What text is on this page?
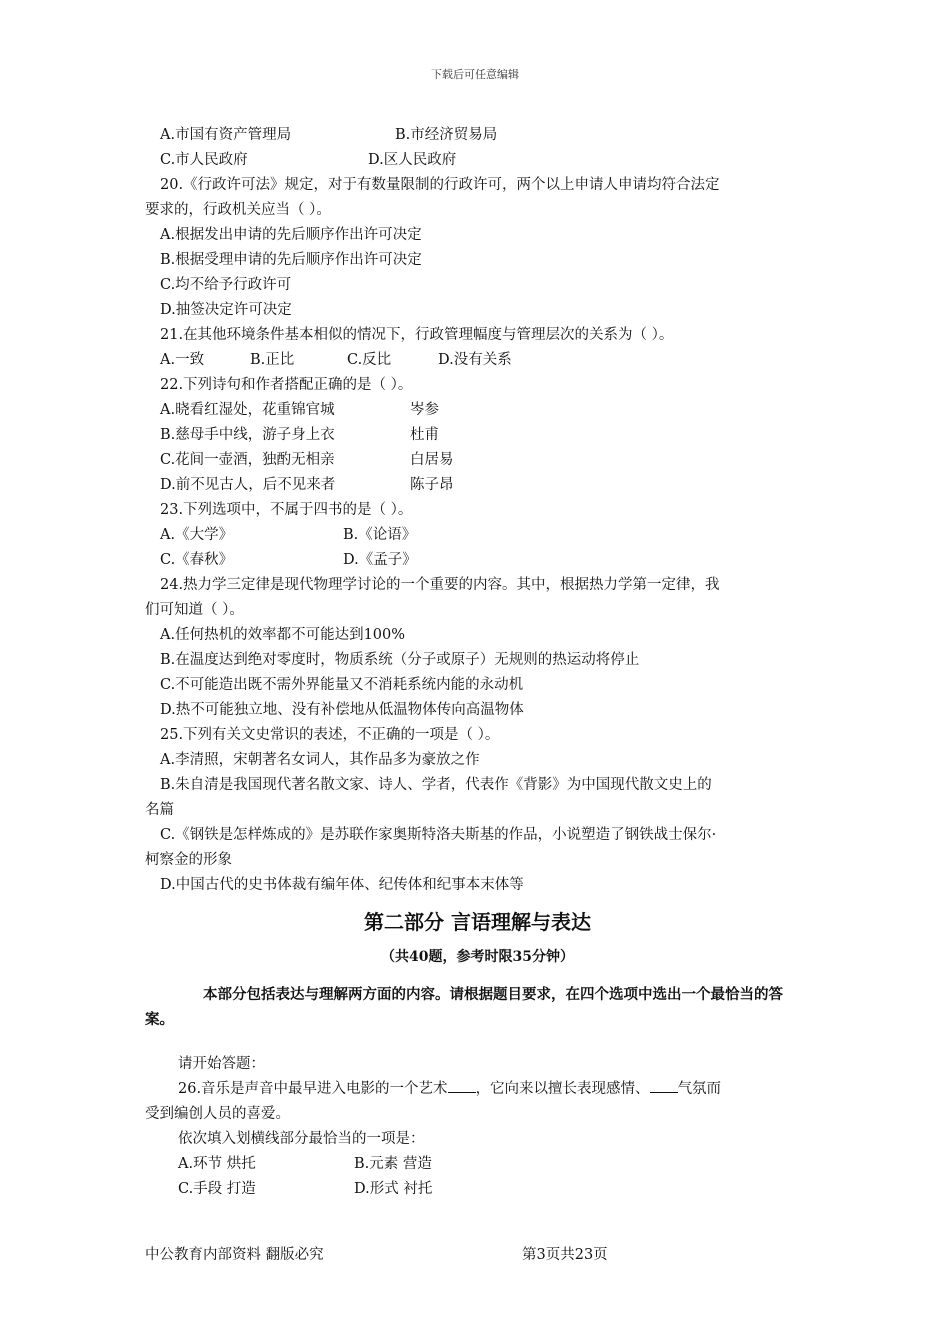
下载后可任意编辑
A.市国有资产管理局	B.市经济贸易局
C.市人民政府	D.区人民政府
20.《行政许可法》规定，对于有数量限制的行政许可，两个以上申请人申请均符合法定
要求的，行政机关应当（ ）。
A.根据发出申请的先后顺序作出许可决定
B.根据受理申请的先后顺序作出许可决定
C.均不给予行政许可
D.抽签决定许可决定
21.在其他环境条件基本相似的情况下，行政管理幅度与管理层次的关系为（ ）。
A.一致	B.正比	C.反比	D.没有关系
22.下列诗句和作者搭配正确的是（ ）。
A.晓看红湿处，花重锦官城	岑参
B.慈母手中线，游子身上衣	杜甫
C.花间一壶酒，独酌无相亲	白居易
D.前不见古人，后不见来者	陈子昂
23.下列选项中，不属于四书的是（ ）。
A.《大学》	B.《论语》
C.《春秋》	D.《孟子》
24.热力学三定律是现代物理学讨论的一个重要的内容。其中，根据热力学第一定律，我
们可知道（ ）。
A.任何热机的效率都不可能达到100%
B.在温度达到绝对零度时，物质系统（分子或原子）无规则的热运动将停止
C.不可能造出既不需外界能量又不消耗系统内能的永动机
D.热不可能独立地、没有补偿地从低温物体传向高温物体
25.下列有关文史常识的表述，不正确的一项是（ ）。
A.李清照，宋朝著名女词人，其作品多为豪放之作
B.朱自清是我国现代著名散文家、诗人、学者，代表作《背影》为中国现代散文史上的
名篇
C.《钢铁是怎样炼成的》是苏联作家奥斯特洛夫斯基的作品，小说塑造了钢铁战士保尔·
柯察金的形象
D.中国古代的史书体裁有编年体、纪传体和纪事本末体等
第二部分 言语理解与表达
（共40题，参考时限35分钟）
本部分包括表达与理解两方面的内容。请根据题目要求，在四个选项中选出一个最恰当的答案。
请开始答题：
26.音乐是声音中最早进入电影的一个艺术 ，它向来以擅长表现感情、 气氛而
受到编创人员的喜爱。
依次填入划横线部分最恰当的一项是：
A.环节 烘托	B.元素 营造
C.手段 打造	D.形式 衬托
中公教育内部资料 翻版必究	第3页共23页
